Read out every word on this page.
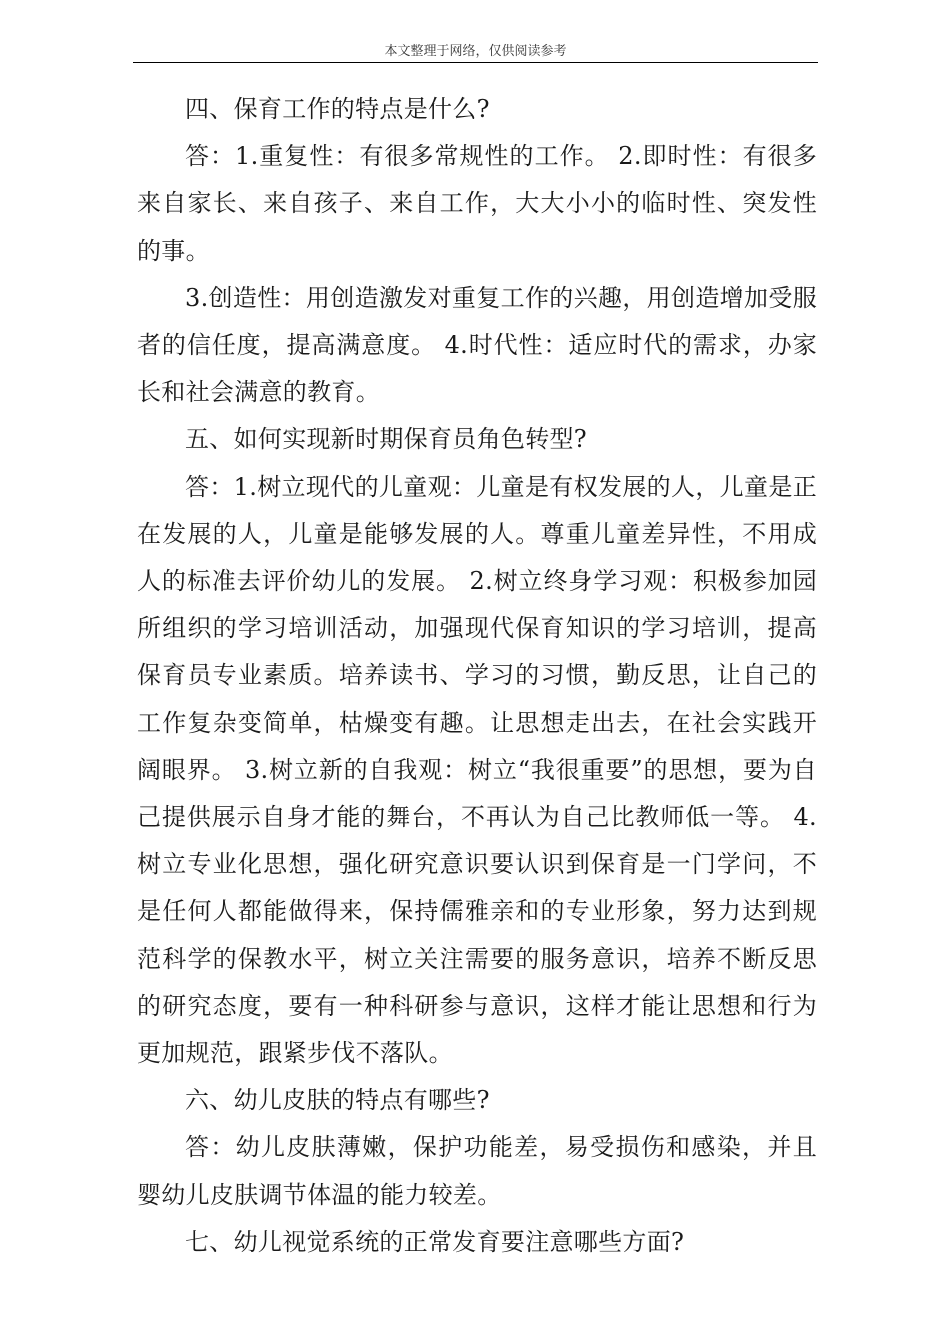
本文整理于网络，仅供阅读参考

四、保育工作的特点是什么?

答：1.重复性：有很多常规性的工作。 2.即时性：有很多来自家长、来自孩子、来自工作，大大小小的临时性、突发性的事。

3.创造性：用创造激发对重复工作的兴趣，用创造增加受服者的信任度，提高满意度。 4.时代性：适应时代的需求，办家长和社会满意的教育。

五、如何实现新时期保育员角色转型?

答：1.树立现代的儿童观：儿童是有权发展的人，儿童是正在发展的人，儿童是能够发展的人。尊重儿童差异性，不用成人的标准去评价幼儿的发展。 2.树立终身学习观：积极参加园所组织的学习培训活动，加强现代保育知识的学习培训，提高保育员专业素质。培养读书、学习的习惯，勤反思，让自己的工作复杂变简单，枯燥变有趣。让思想走出去，在社会实践开阔眼界。 3.树立新的自我观：树立“我很重要”的思想，要为自己提供展示自身才能的舞台，不再认为自己比教师低一等。 4.树立专业化思想，强化研究意识要认识到保育是一门学问，不是任何人都能做得来，保持儒雅亲和的专业形象，努力达到规范科学的保教水平，树立关注需要的服务意识，培养不断反思的研究态度，要有一种科研参与意识，这样才能让思想和行为更加规范，跟紧步伐不落队。

六、幼儿皮肤的特点有哪些?

答：幼儿皮肤薄嫩，保护功能差，易受损伤和感染，并且 婴幼儿皮肤调节体温的能力较差。

七、幼儿视觉系统的正常发育要注意哪些方面?
